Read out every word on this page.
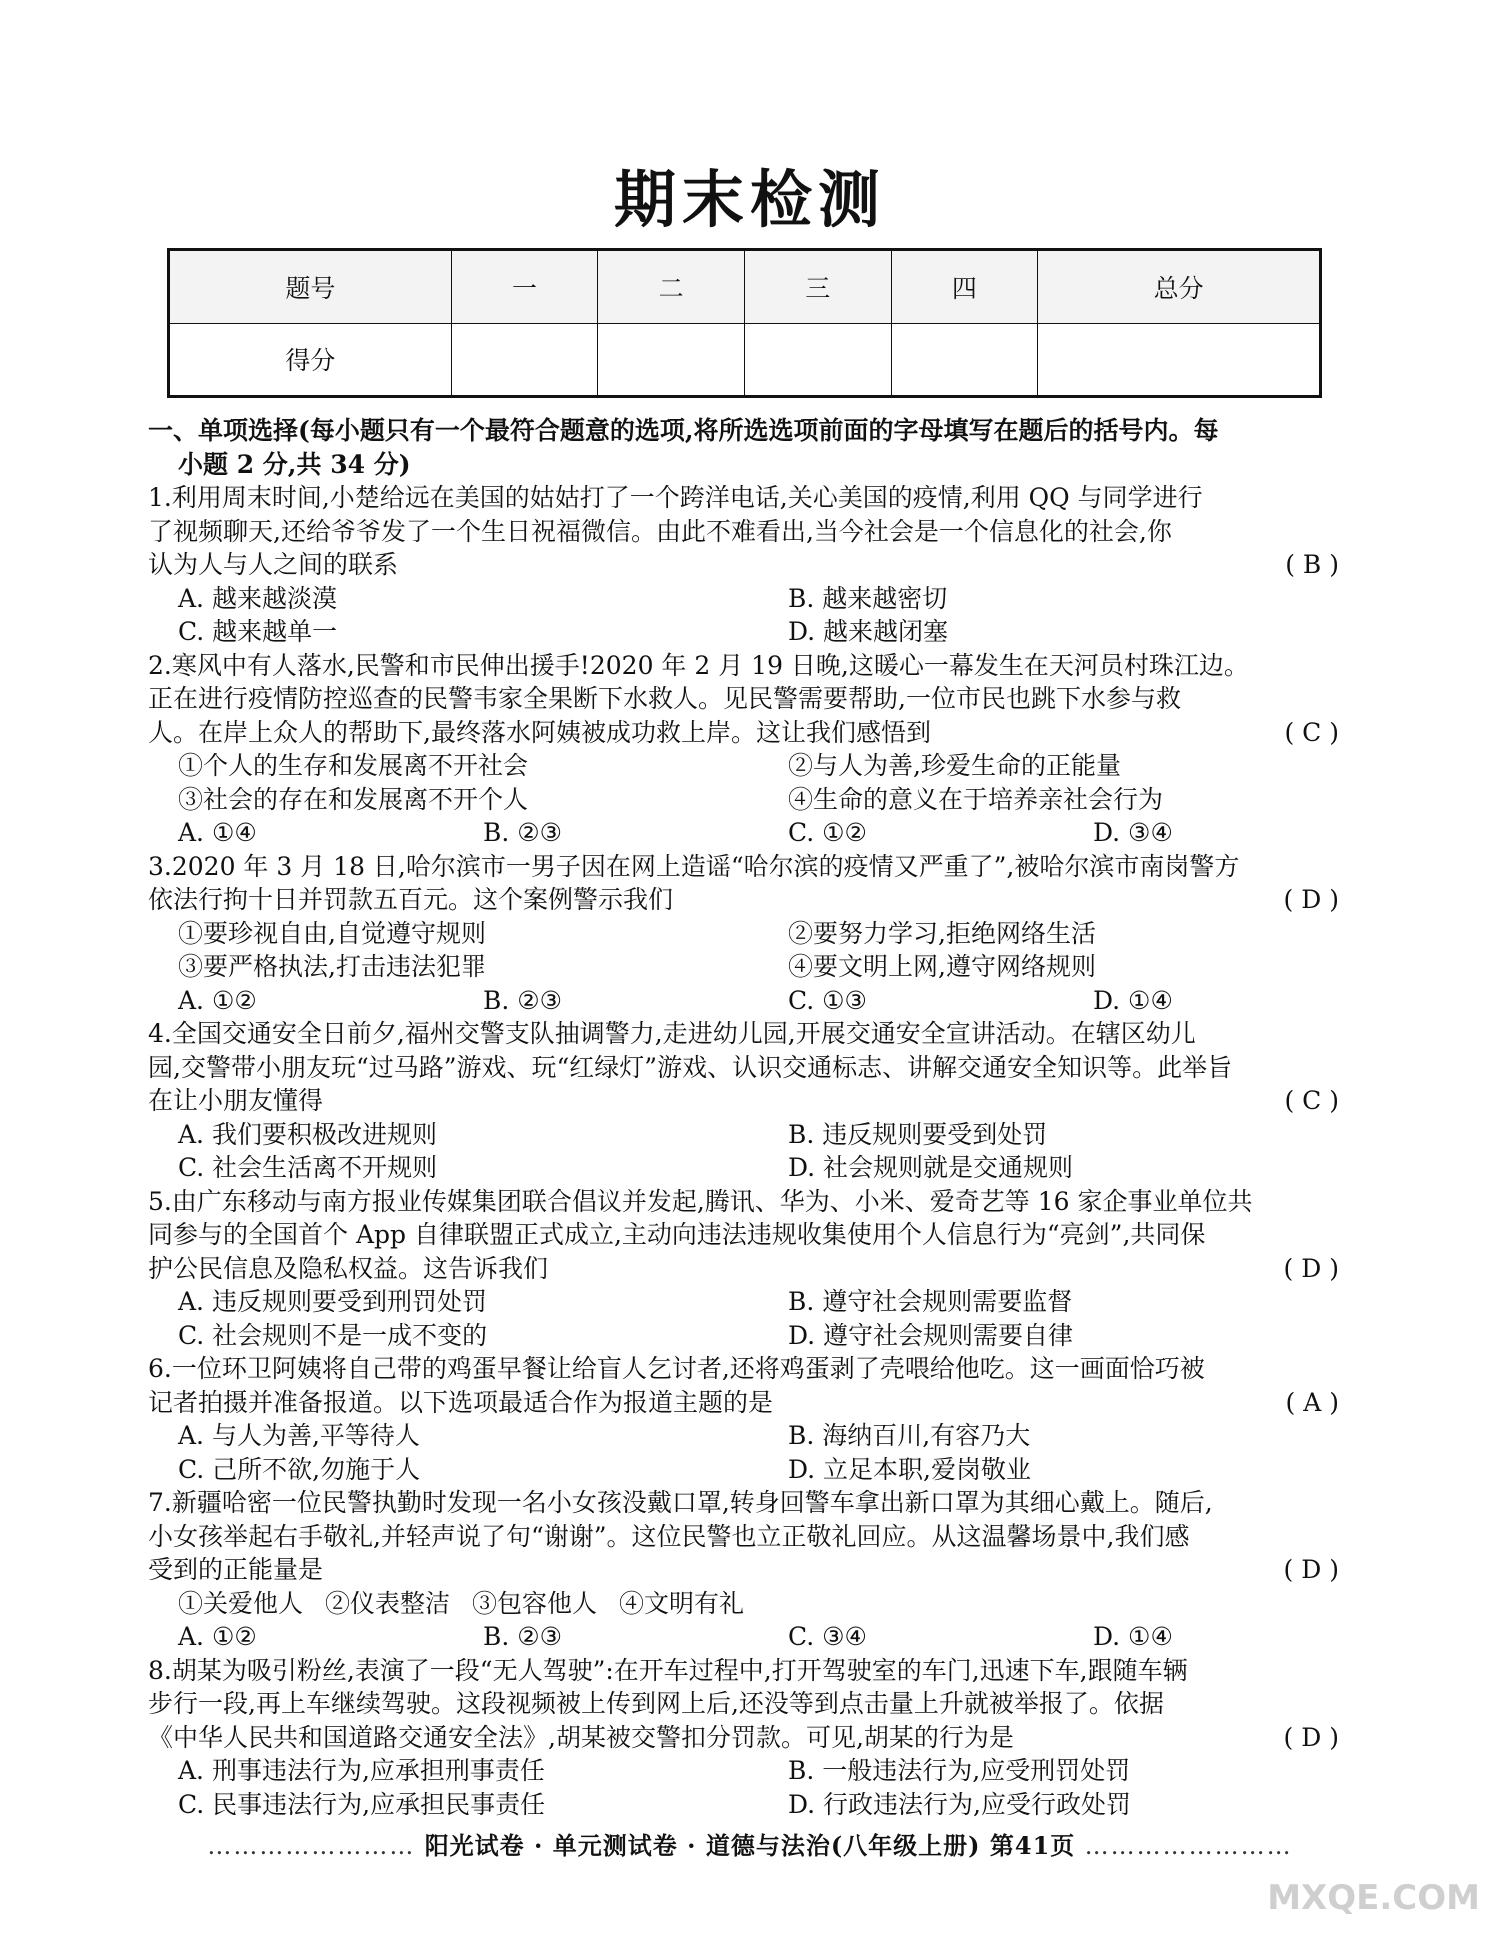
期末检测
题号	一	二	三	四	总分
得分					
一、单项选择(每小题只有一个最符合题意的选项,将所选选项前面的字母填写在题后的括号内。每
小题 2 分,共 34 分)
1.利用周末时间,小楚给远在美国的姑姑打了一个跨洋电话,关心美国的疫情,利用 QQ 与同学进行
了视频聊天,还给爷爷发了一个生日祝福微信。由此不难看出,当今社会是一个信息化的社会,你
认为人与人之间的联系	( B )
A. 越来越淡漠	B. 越来越密切
C. 越来越单一	D. 越来越闭塞
2.寒风中有人落水,民警和市民伸出援手!2020 年 2 月 19 日晚,这暖心一幕发生在天河员村珠江边。
正在进行疫情防控巡查的民警韦家全果断下水救人。见民警需要帮助,一位市民也跳下水参与救
人。在岸上众人的帮助下,最终落水阿姨被成功救上岸。这让我们感悟到	( C )
①个人的生存和发展离不开社会	②与人为善,珍爱生命的正能量
③社会的存在和发展离不开个人	④生命的意义在于培养亲社会行为
A. ①④	B. ②③	C. ①②	D. ③④
3.2020 年 3 月 18 日,哈尔滨市一男子因在网上造谣“哈尔滨的疫情又严重了”,被哈尔滨市南岗警方
依法行拘十日并罚款五百元。这个案例警示我们	( D )
①要珍视自由,自觉遵守规则	②要努力学习,拒绝网络生活
③要严格执法,打击违法犯罪	④要文明上网,遵守网络规则
A. ①②	B. ②③	C. ①③	D. ①④
4.全国交通安全日前夕,福州交警支队抽调警力,走进幼儿园,开展交通安全宣讲活动。在辖区幼儿
园,交警带小朋友玩“过马路”游戏、玩“红绿灯”游戏、认识交通标志、讲解交通安全知识等。此举旨
在让小朋友懂得	( C )
A. 我们要积极改进规则	B. 违反规则要受到处罚
C. 社会生活离不开规则	D. 社会规则就是交通规则
5.由广东移动与南方报业传媒集团联合倡议并发起,腾讯、华为、小米、爱奇艺等 16 家企事业单位共
同参与的全国首个 App 自律联盟正式成立,主动向违法违规收集使用个人信息行为“亮剑”,共同保
护公民信息及隐私权益。这告诉我们	( D )
A. 违反规则要受到刑罚处罚	B. 遵守社会规则需要监督
C. 社会规则不是一成不变的	D. 遵守社会规则需要自律
6.一位环卫阿姨将自己带的鸡蛋早餐让给盲人乞讨者,还将鸡蛋剥了壳喂给他吃。这一画面恰巧被
记者拍摄并准备报道。以下选项最适合作为报道主题的是	( A )
A. 与人为善,平等待人	B. 海纳百川,有容乃大
C. 己所不欲,勿施于人	D. 立足本职,爱岗敬业
7.新疆哈密一位民警执勤时发现一名小女孩没戴口罩,转身回警车拿出新口罩为其细心戴上。随后,
小女孩举起右手敬礼,并轻声说了句“谢谢”。这位民警也立正敬礼回应。从这温馨场景中,我们感
受到的正能量是	( D )
①关爱他人 ②仪表整洁 ③包容他人 ④文明有礼
A. ①②	B. ②③	C. ③④	D. ①④
8.胡某为吸引粉丝,表演了一段“无人驾驶”:在开车过程中,打开驾驶室的车门,迅速下车,跟随车辆
步行一段,再上车继续驾驶。这段视频被上传到网上后,还没等到点击量上升就被举报了。依据
《中华人民共和国道路交通安全法》,胡某被交警扣分罚款。可见,胡某的行为是	( D )
A. 刑事违法行为,应承担刑事责任	B. 一般违法行为,应受刑罚处罚
C. 民事违法行为,应承担民事责任	D. 行政违法行为,应受行政处罚
…………………… 阳光试卷 · 单元测试卷 · 道德与法治(八年级上册) 第41页 ……………………
MXQE.COM
